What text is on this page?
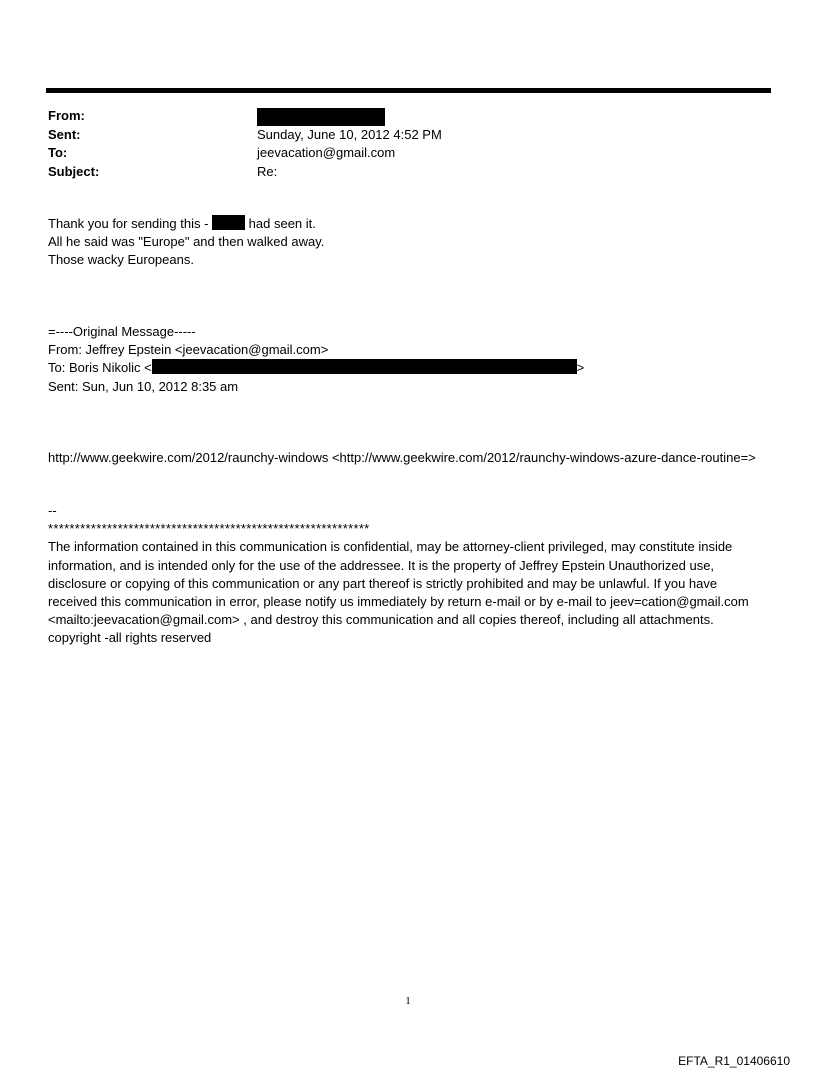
From:
Sent:	Sunday, June 10, 2012 4:52 PM
To:	jeevacation@gmail.com
Subject:	Re:
Thank you for sending this -	had seen it.
All he said was "Europe" and then walked away.
Those wacky Europeans.
=----Original Message-----
From: Jeffrey Epstein <jeevacation@gmail.com>
To: Boris Nikolic <	>
Sent: Sun, Jun 10, 2012 8:35 am
http://www.geekwire.com/2012/raunchy-windows <http://www.geekwire.com/2012/raunchy-windows-azure-dance-routine=>
--
************************************************************
The information contained in this communication is confidential, may be attorney-client privileged, may constitute inside information, and is intended only for the use of the addressee. It is the property of Jeffrey Epstein Unauthorized use, disclosure or copying of this communication or any part thereof is strictly prohibited and may be unlawful. If you have received this communication in error, please notify us immediately by return e-mail or by e-mail to jeev=cation@gmail.com <mailto:jeevacation@gmail.com> , and destroy this communication and all copies thereof, including all attachments. copyright -all rights reserved
1
EFTA_R1_01406610
